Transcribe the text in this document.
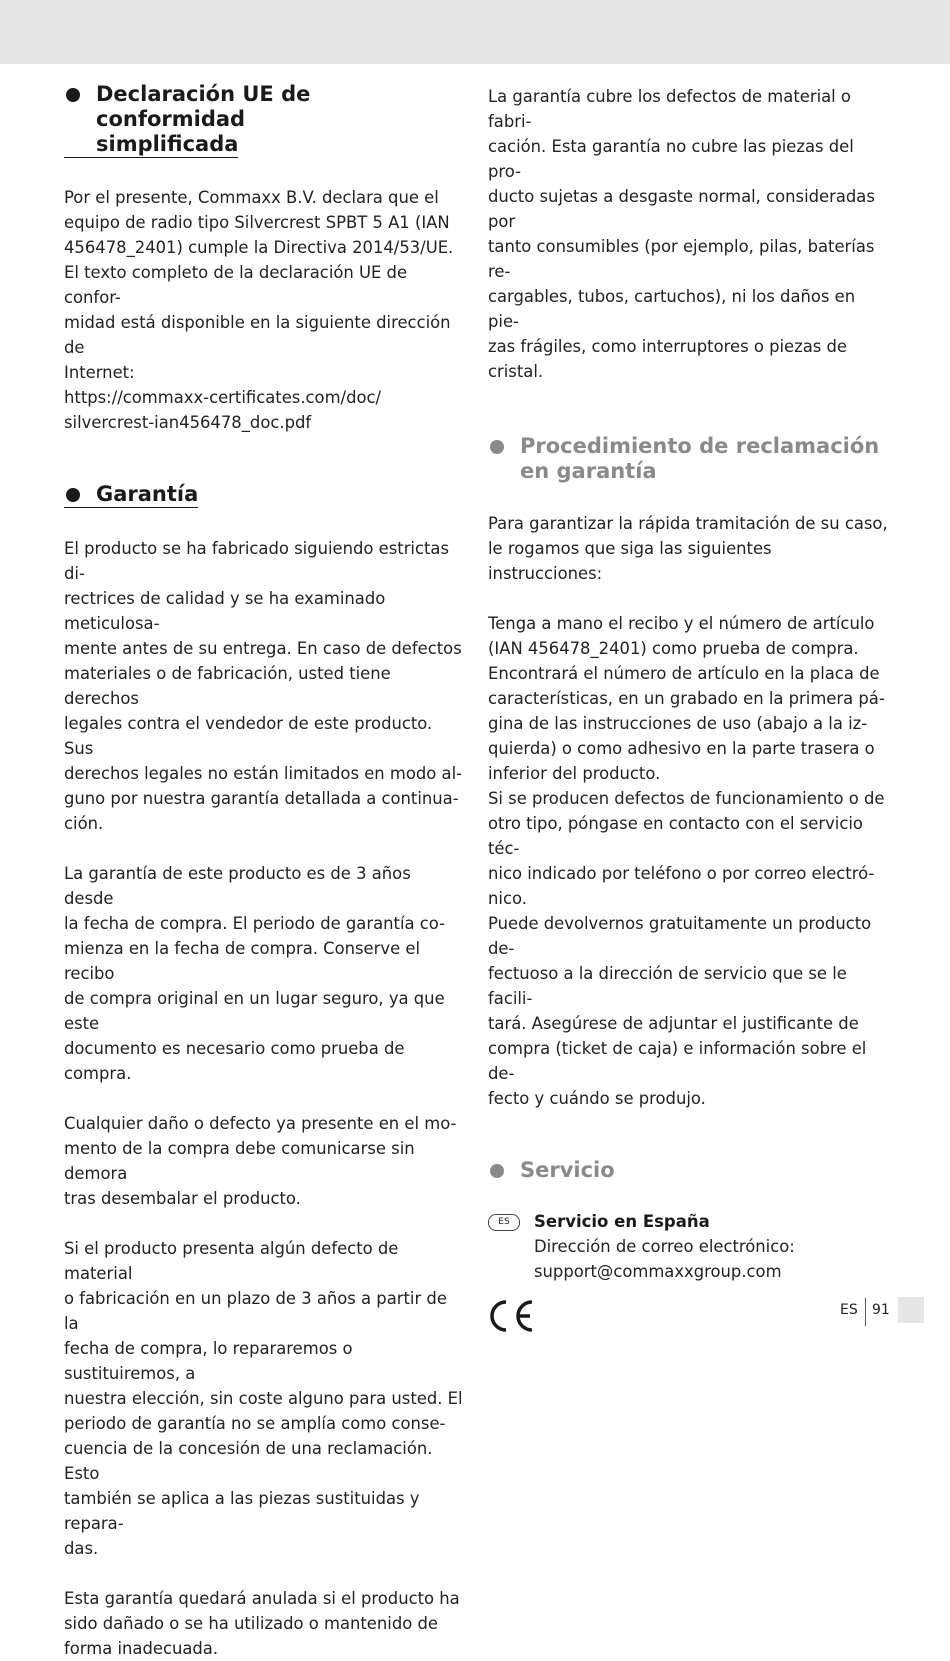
Declaración UE de conformidad
simplificada

Por el presente, Commaxx B.V. declara que el
equipo de radio tipo Silvercrest SPBT 5 A1 (IAN
456478_2401) cumple la Directiva 2014/53/UE.
El texto completo de la declaración UE de confor-
midad está disponible en la siguiente dirección de
Internet:
https://commaxx-certificates.com/doc/
silvercrest-ian456478_doc.pdf

Garantía

El producto se ha fabricado siguiendo estrictas di-
rectrices de calidad y se ha examinado meticulosa-
mente antes de su entrega. En caso de defectos
materiales o de fabricación, usted tiene derechos
legales contra el vendedor de este producto. Sus
derechos legales no están limitados en modo al-
guno por nuestra garantía detallada a continua-
ción.

La garantía de este producto es de 3 años desde
la fecha de compra. El periodo de garantía co-
mienza en la fecha de compra. Conserve el recibo
de compra original en un lugar seguro, ya que este
documento es necesario como prueba de compra.

Cualquier daño o defecto ya presente en el mo-
mento de la compra debe comunicarse sin demora
tras desembalar el producto.

Si el producto presenta algún defecto de material
o fabricación en un plazo de 3 años a partir de la
fecha de compra, lo repararemos o sustituiremos, a
nuestra elección, sin coste alguno para usted. El
periodo de garantía no se amplía como conse-
cuencia de la concesión de una reclamación. Esto
también se aplica a las piezas sustituidas y repara-
das.

Esta garantía quedará anulada si el producto ha
sido dañado o se ha utilizado o mantenido de
forma inadecuada.

La garantía cubre los defectos de material o fabri-
cación. Esta garantía no cubre las piezas del pro-
ducto sujetas a desgaste normal, consideradas por
tanto consumibles (por ejemplo, pilas, baterías re-
cargables, tubos, cartuchos), ni los daños en pie-
zas frágiles, como interruptores o piezas de cristal.

Procedimiento de reclamación
en garantía

Para garantizar la rápida tramitación de su caso,
le rogamos que siga las siguientes instrucciones:

Tenga a mano el recibo y el número de artículo
(IAN 456478_2401) como prueba de compra.
Encontrará el número de artículo en la placa de
características, en un grabado en la primera pá-
gina de las instrucciones de uso (abajo a la iz-
quierda) o como adhesivo en la parte trasera o
inferior del producto.
Si se producen defectos de funcionamiento o de
otro tipo, póngase en contacto con el servicio téc-
nico indicado por teléfono o por correo electró-
nico.
Puede devolvernos gratuitamente un producto de-
fectuoso a la dirección de servicio que se le facili-
tará. Asegúrese de adjuntar el justificante de
compra (ticket de caja) e información sobre el de-
fecto y cuándo se produjo.

Servicio
ES	Servicio en España

Dirección de correo electrónico:

support@commaxxgroup.com

ES 91
